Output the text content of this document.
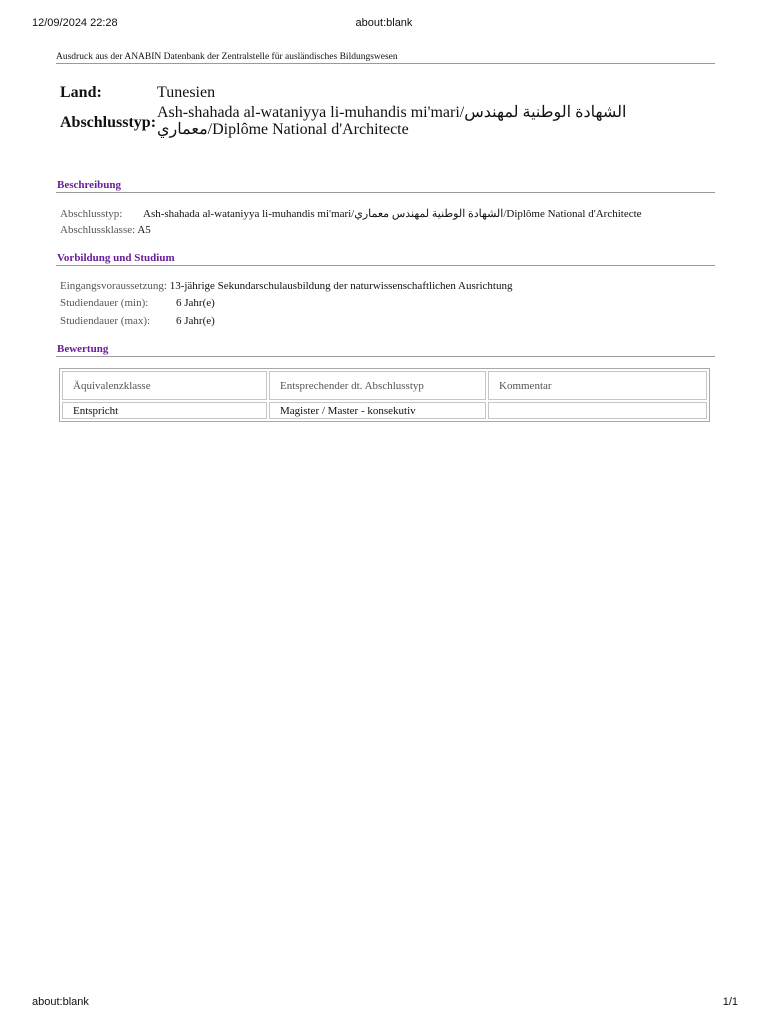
12/09/2024 22:28	about:blank
about:blank	1/1
Ausdruck aus der ANABIN Datenbank der Zentralstelle für ausländisches Bildungswesen
Land:	Tunesien
Abschlusstyp:
Ash-shahada al-wataniyya li-muhandis mi'mari/الشهادة الوطنية لمهندس معماري/Diplôme National d'Architecte
Beschreibung
Abschlusstyp: Ash-shahada al-wataniyya li-muhandis mi'mari/الشهادة الوطنية لمهندس معماري/Diplôme National d'Architecte
Abschlussklasse: A5
Vorbildung und Studium
Eingangsvoraussetzung: 13-jährige Sekundarschulausbildung der naturwissenschaftlichen Ausrichtung
Studiendauer (min):	6 Jahr(e)
Studiendauer (max): 6 Jahr(e)
Bewertung
Äquivalenzklasse	Entsprechender dt. Abschlusstyp	Kommentar
Entspricht	Magister / Master - konsekutiv	
